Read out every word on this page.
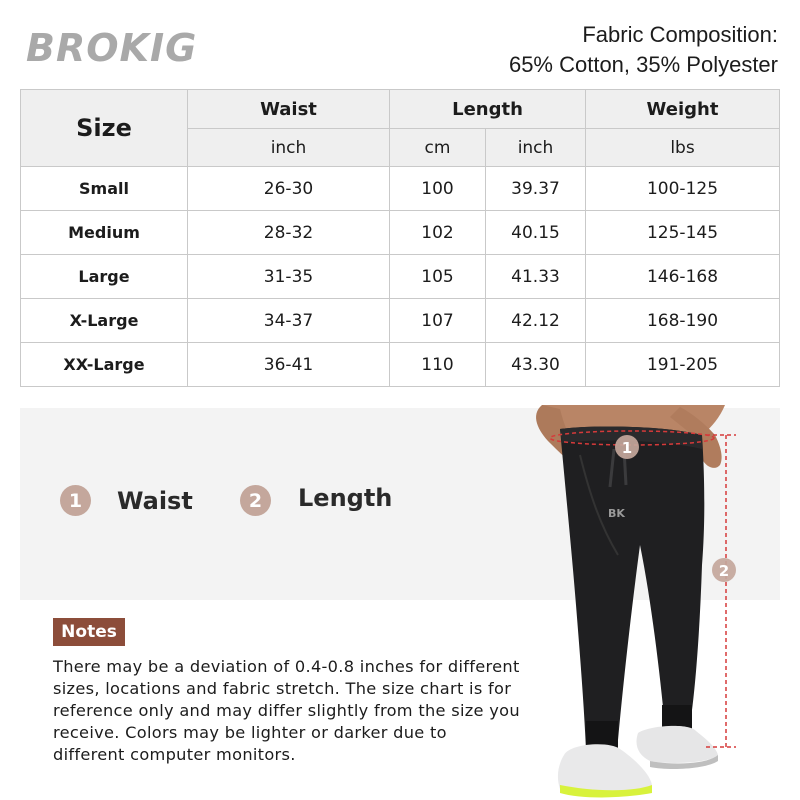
BROKIG	Fabric Composition:
65% Cotton, 35% Polyester
Size	Waist	Length		Weight
	inch	cm	inch	lbs
Small	26-30	100	39.37	100-125
Medium	28-32	102	40.15	125-145
Large	31-35	105	41.33	146-168
X-Large	34-37	107	42.12	168-190
XX-Large	36-41	110	43.30	191-205
1	Waist	2	Length
BK
1
2
Notes
There may be a deviation of 0.4-0.8 inches for different sizes, locations and fabric stretch. The size chart is for reference only and may differ slightly from the size you receive. Colors may be lighter or darker due to different computer monitors.
